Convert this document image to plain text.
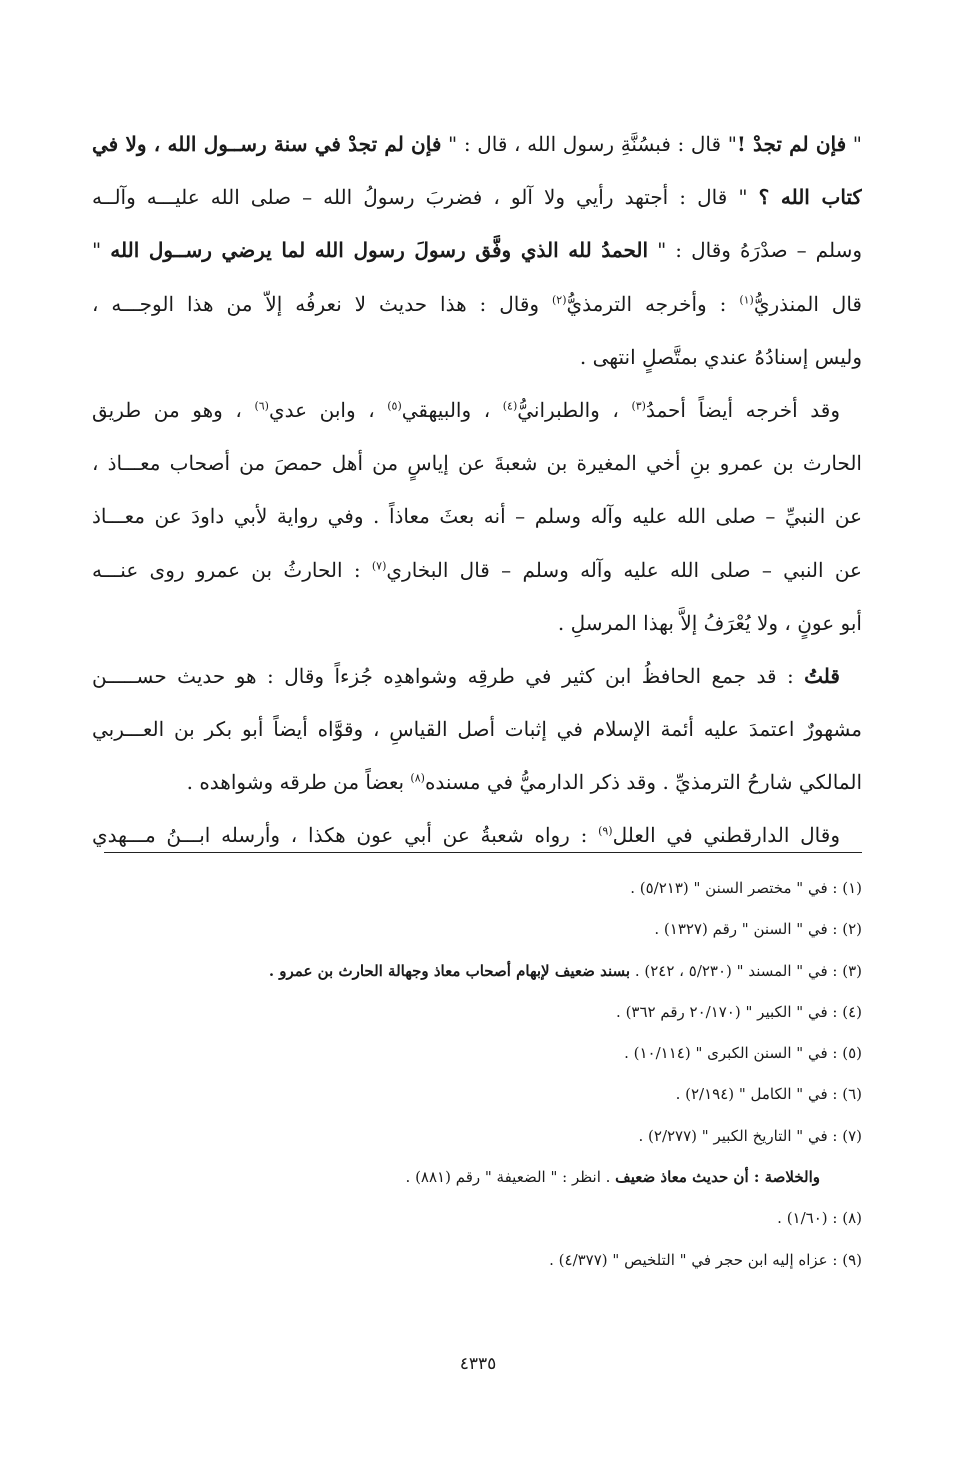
" فإن لم تجدْ !" قال : فبسُنَّةِ رسول الله ، قال : " فإن لم تجدْ في سنة رســول الله ، ولا في
كتاب الله ؟ " قال : أجتهد رأيي ولا آلو ، فضربَ رسولُ الله – صلى الله عليـــه وآلــه
وسلم – صدْرَهُ وقال : " الحمدُ لله الذي وفَّق رسولَ رسول الله لما يرضي رســول الله "
قال المنذريُّ$^{(١)}$ : وأخرجه الترمذيُّ$^{(٢)}$ وقال : هذا حديث لا نعرفُه إلاّ من هذا الوجـــه ،
وليس إسنادُهُ عندي بمتَّصلٍ انتهى .
وقد أخرجه أيضاً أحمدُ$^{(٣)}$ ، والطبرانيُّ$^{(٤)}$ ، والبيهقي$^{(٥)}$ ، وابن عدي$^{(٦)}$ ، وهو من طريق
الحارث بن عمرو بنِ أخي المغيرة بن شعبةَ عن إياسٍ من أهل حمصَ من أصحاب معـــاذ ،
عن النبيِّ – صلى الله عليه وآله وسلم – أنه بعثَ معاذاً . وفي رواية لأبي داودَ عن معـــاذ
عن النبي – صلى الله عليه وآله وسلم – قال البخاري$^{(٧)}$ : الحارثُ بن عمرو روى عنـــه
أبو عونٍ ، ولا يُعْرَفُ إلاَّ بهذا المرسلِ .
قلتُ : قد جمع الحافظُ ابن كثير في طرقِه وشواهدِه جُزءاً وقال : هو حديث حســـــن
مشهورٌ اعتمدَ عليه أئمة الإسلام في إثبات أصل القياسِ ، وقوَّاه أيضاً أبو بكر بن العـــربي
المالكي شارحُ الترمذيِّ . وقد ذكر الدارميُّ في مسنده$^{(٨)}$ بعضاً من طرقه وشواهده .
وقال الدارقطني في العلل$^{(٩)}$ : رواه شعبةُ عن أبي عون هكذا ، وأرسله ابـــنُ مـــهدي
(١) : في " مختصر السنن " (٥/٢١٣) .
(٢) : في " السنن " رقم (١٣٢٧) .
(٣) : في " المسند " (٥/٢٣٠ ، ٢٤٢) . بسند ضعيف لإبهام أصحاب معاذ وجهالة الحارث بن عمرو .
(٤) : في " الكبير " (٢٠/١٧٠ رقم ٣٦٢) .
(٥) : في " السنن الكبرى " (١٠/١١٤) .
(٦) : في " الكامل " (٢/١٩٤) .
(٧) : في " التاريخ الكبير " (٢/٢٧٧) .
والخلاصة : أن حديث معاذ ضعيف . انظر : " الضعيفة " رقم (٨٨١) .
(٨) : (١/٦٠) .
(٩) : عزاه إليه ابن حجر في " التلخيص " (٤/٣٧٧) .
٤٣٣٥
